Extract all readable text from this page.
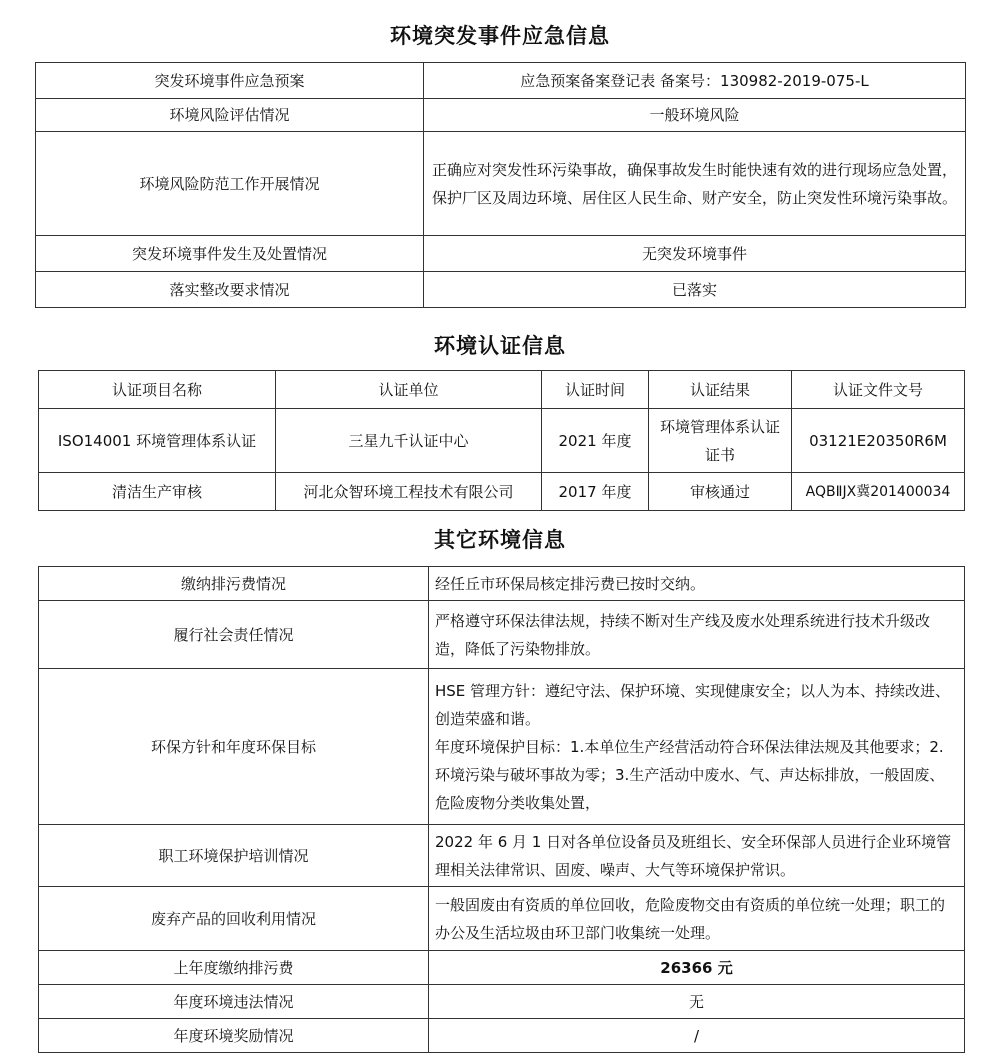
环境突发事件应急信息
突发环境事件应急预案	应急预案备案登记表 备案号：130982-2019-075-L
环境风险评估情况	一般环境风险
环境风险防范工作开展情况	正确应对突发性环污染事故，确保事故发生时能快速有效的进行现场应急处置，保护厂区及周边环境、居住区人民生命、财产安全，防止突发性环境污染事故。
突发环境事件发生及处置情况	无突发环境事件
落实整改要求情况	已落实
环境认证信息
认证项目名称	认证单位	认证时间	认证结果	认证文件文号
ISO14001 环境管理体系认证	三星九千认证中心	2021 年度	环境管理体系认证证书	03121E20350R6M
清洁生产审核	河北众智环境工程技术有限公司	2017 年度	审核通过	AQBⅡJX冀201400034
其它环境信息
缴纳排污费情况	经任丘市环保局核定排污费已按时交纳。
履行社会责任情况	严格遵守环保法律法规，持续不断对生产线及废水处理系统进行技术升级改造，降低了污染物排放。
环保方针和年度环保目标	HSE 管理方针：遵纪守法、保护环境、实现健康安全；以人为本、持续改进、创造荣盛和谐。
年度环境保护目标：1.本单位生产经营活动符合环保法律法规及其他要求；2.环境污染与破坏事故为零；3.生产活动中废水、气、声达标排放，一般固废、危险废物分类收集处置，

职工环境保护培训情况	2022 年 6 月 1 日对各单位设备员及班组长、安全环保部人员进行企业环境管理相关法律常识、固废、噪声、大气等环境保护常识。
废弃产品的回收利用情况	一般固废由有资质的单位回收，危险废物交由有资质的单位统一处理；职工的办公及生活垃圾由环卫部门收集统一处理。
上年度缴纳排污费	26366 元
年度环境违法情况	无
年度环境奖励情况	/
